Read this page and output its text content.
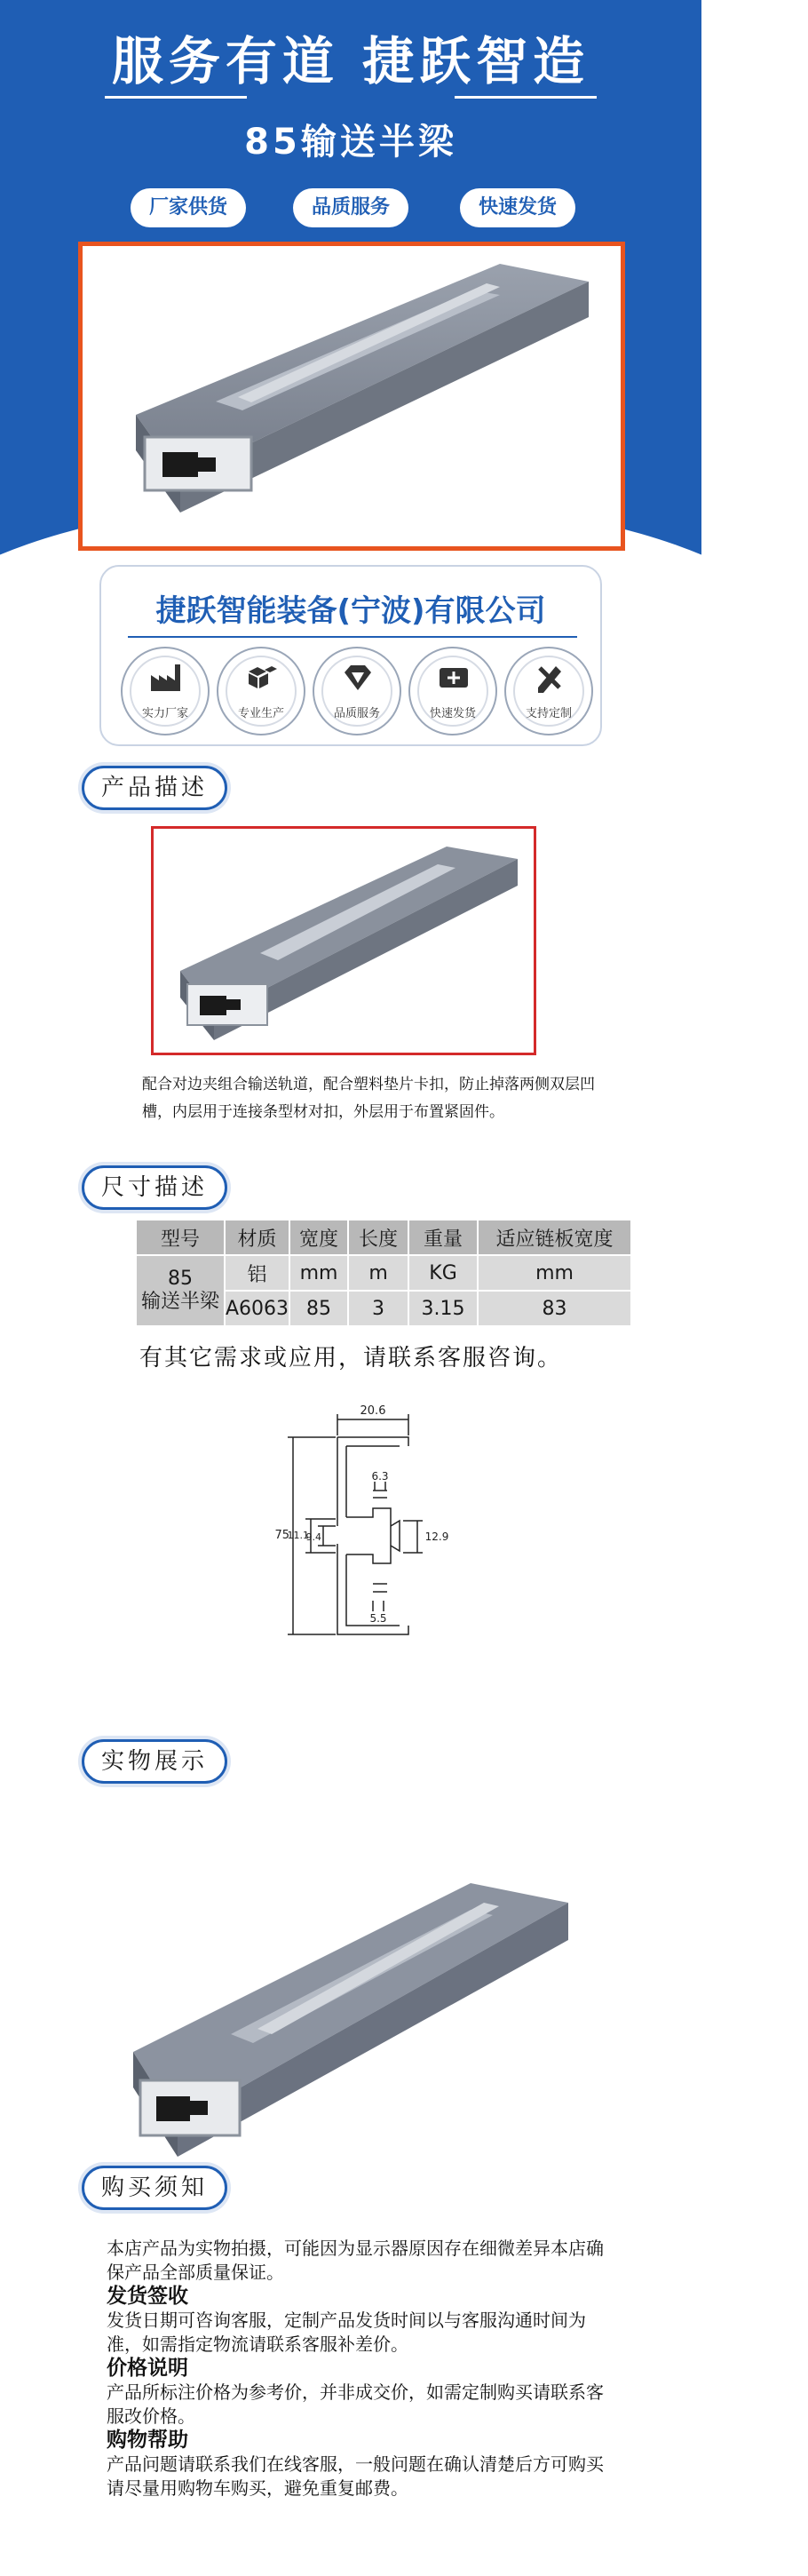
服务有道 捷跃智造
85输送半梁
厂家供货	品质服务	快速发货
捷跃智能装备(宁波)有限公司
实力厂家	专业生产	品质服务	快速发货	支持定制
产品描述
配合对边夹组合输送轨道，配合塑料垫片卡扣，防止掉落两侧双层凹槽，内层用于连接条型材对扣，外层用于布置紧固件。
尺寸描述
型号	材质	宽度	长度	重量	适应链板宽度
85
输送半梁	铝	mm	m	KG	mm
	A6063	85	3	3.15	83
有其它需求或应用，请联系客服咨询。
20.6
6.3
75
11.1
9.4	12.9
5.5
实物展示
购买须知
本店产品为实物拍摄，可能因为显示器原因存在细微差异本店确保产品全部质量保证。
发货签收
发货日期可咨询客服，定制产品发货时间以与客服沟通时间为准，如需指定物流请联系客服补差价。
价格说明
产品所标注价格为参考价，并非成交价，如需定制购买请联系客服改价格。
购物帮助
产品问题请联系我们在线客服，一般问题在确认清楚后方可购买请尽量用购物车购买，避免重复邮费。
